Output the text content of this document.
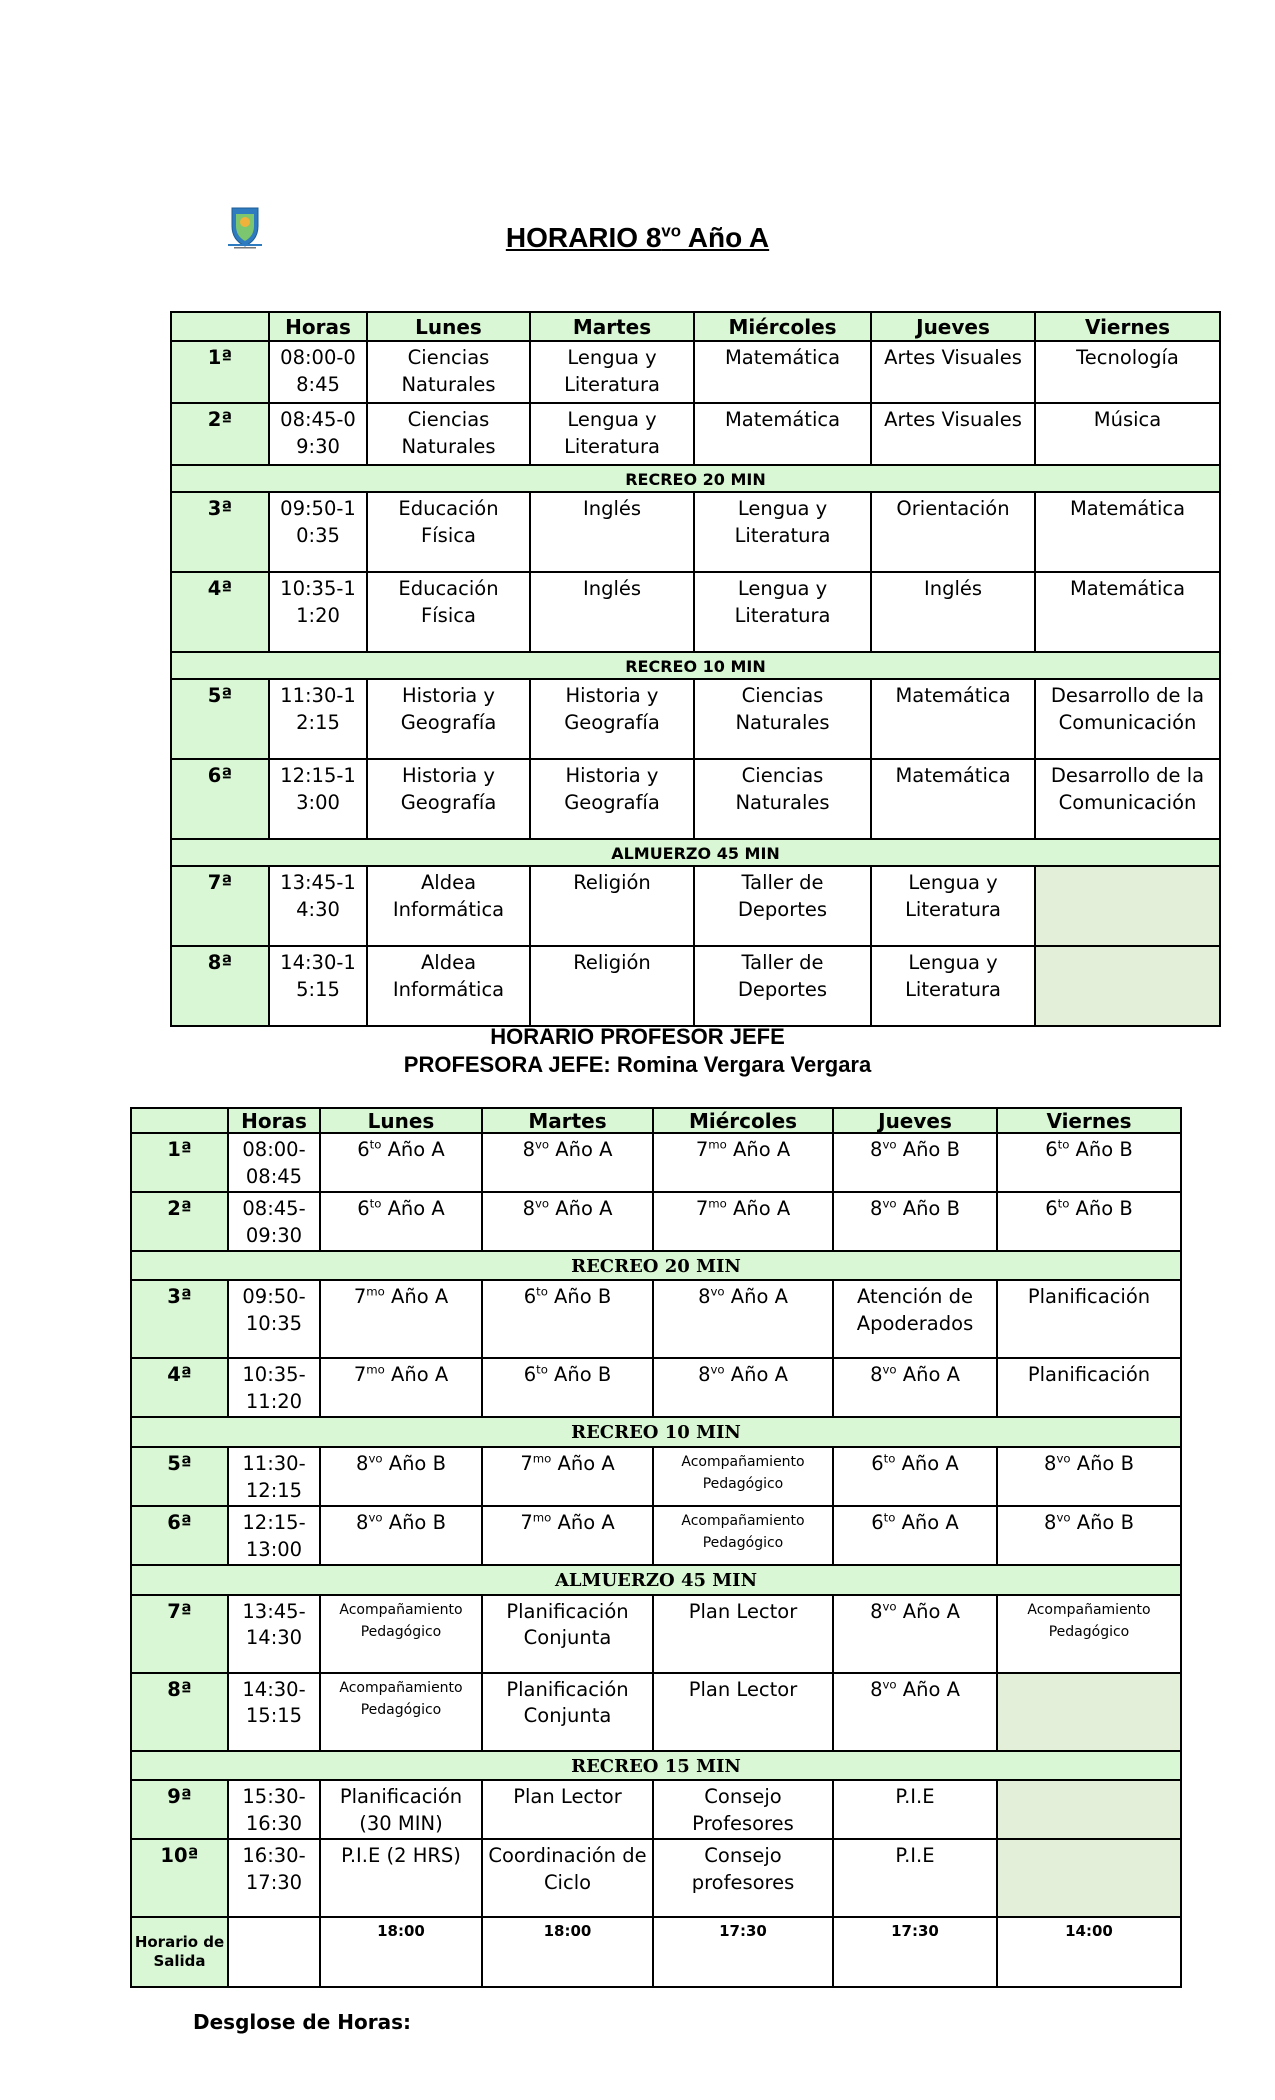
HORARIO $8^{vo}$ Año A
	Horas	Lunes	Martes	Miércoles	Jueves	Viernes
1ª	08:00-0 8:45	Ciencias Naturales	Lengua y Literatura	Matemática	Artes Visuales	Tecnología
2ª	08:45-0 9:30	Ciencias Naturales	Lengua y Literatura	Matemática	Artes Visuales	Música
RECREO 20 MIN						
3ª	09:50-1 0:35	Educación Física	Inglés	Lengua y Literatura	Orientación	Matemática
4ª	10:35-1 1:20	Educación Física	Inglés	Lengua y Literatura	Inglés	Matemática
RECREO 10 MIN						
5ª	11:30-1 2:15	Historia y Geografía	Historia y Geografía	Ciencias Naturales	Matemática	Desarrollo de la Comunicación
6ª	12:15-1 3:00	Historia y Geografía	Historia y Geografía	Ciencias Naturales	Matemática	Desarrollo de la Comunicación
ALMUERZO 45 MIN						
7ª	13:45-1 4:30	Aldea Informática	Religión	Taller de Deportes	Lengua y Literatura	
8ª	14:30-1 5:15	Aldea Informática	Religión	Taller de Deportes	Lengua y Literatura	
HORARIO PROFESOR JEFE
PROFESORA JEFE: Romina Vergara Vergara
	Horas	Lunes	Martes	Miércoles	Jueves	Viernes
1ª	08:00- 08:45	$6^{to}$ Año A	$8^{vo}$ Año A	$7^{mo}$ Año A	$8^{vo}$ Año B	$6^{to}$ Año B
2ª	08:45- 09:30	$6^{to}$ Año A	$8^{vo}$ Año A	$7^{mo}$ Año A	$8^{vo}$ Año B	$6^{to}$ Año B
RECREO 20 MIN						
3ª	09:50- 10:35	$7^{mo}$ Año A	$6^{to}$ Año B	$8^{vo}$ Año A	Atención de Apoderados	Planificación
4ª	10:35- 11:20	$7^{mo}$ Año A	$6^{to}$ Año B	$8^{vo}$ Año A	$8^{vo}$ Año A	Planificación
RECREO 10 MIN						
5ª	11:30- 12:15	$8^{vo}$ Año B	$7^{mo}$ Año A	Acompañamiento Pedagógico	$6^{to}$ Año A	$8^{vo}$ Año B
6ª	12:15- 13:00	$8^{vo}$ Año B	$7^{mo}$ Año A	Acompañamiento Pedagógico	$6^{to}$ Año A	$8^{vo}$ Año B
ALMUERZO 45 MIN						
7ª	13:45- 14:30	Acompañamiento Pedagógico	Planificación Conjunta	Plan Lector	$8^{vo}$ Año A	Acompañamiento Pedagógico
8ª	14:30- 15:15	Acompañamiento Pedagógico	Planificación Conjunta	Plan Lector	$8^{vo}$ Año A	
RECREO 15 MIN						
9ª	15:30- 16:30	Planificación (30 MIN)	Plan Lector	Consejo Profesores	P.I.E	
10ª	16:30- 17:30	P.I.E (2 HRS)	Coordinación de Ciclo	Consejo profesores	P.I.E	
Horario de Salida		18:00	18:00	17:30	17:30	14:00
Desglose de Horas:
